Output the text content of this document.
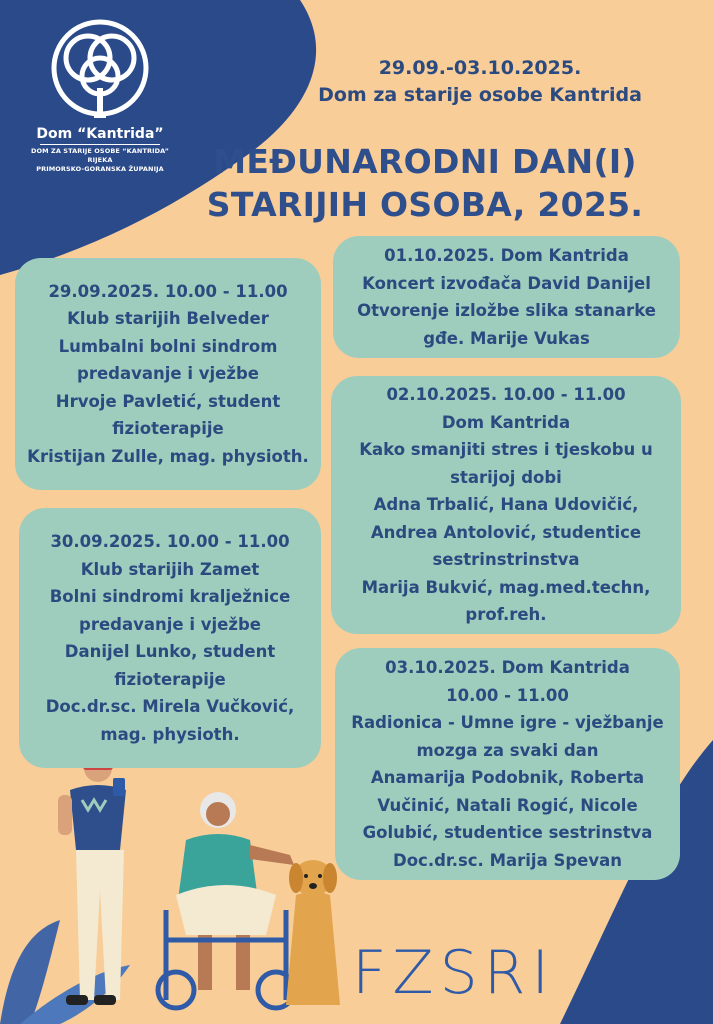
Dom “Kantrida”
DOM ZA STARIJE OSOBE “KANTRIDA” RIJEKA
PRIMORSKO-GORANSKA ŽUPANIJA
29.09.-03.10.2025.
Dom za starije osobe Kantrida
MEĐUNARODNI DAN(I)
STARIJIH OSOBA, 2025.
29.09.2025. 10.00 - 11.00
Klub starijih Belveder
Lumbalni bolni sindrom
predavanje i vježbe
Hrvoje Pavletić, student
fizioterapije
Kristijan Zulle, mag. physioth.
30.09.2025. 10.00 - 11.00
Klub starijih Zamet
Bolni sindromi kralježnice
predavanje i vježbe
Danijel Lunko, student
fizioterapije
Doc.dr.sc. Mirela Vučković,
mag. physioth.
01.10.2025. Dom Kantrida
Koncert izvođača David Danijel
Otvorenje izložbe slika stanarke
gđe. Marije Vukas
02.10.2025. 10.00 - 11.00
Dom Kantrida
Kako smanjiti stres i tjeskobu u
starijoj dobi
Adna Trbalić, Hana Udovičić,
Andrea Antolović, studentice
sestrinstrinstva
Marija Bukvić, mag.med.techn,
prof.reh.
03.10.2025. Dom Kantrida
10.00 - 11.00
Radionica - Umne igre - vježbanje
mozga za svaki dan
Anamarija Podobnik, Roberta
Vučinić, Natali Rogić, Nicole
Golubić, studentice sestrinstva
Doc.dr.sc. Marija Spevan
FZSRI
